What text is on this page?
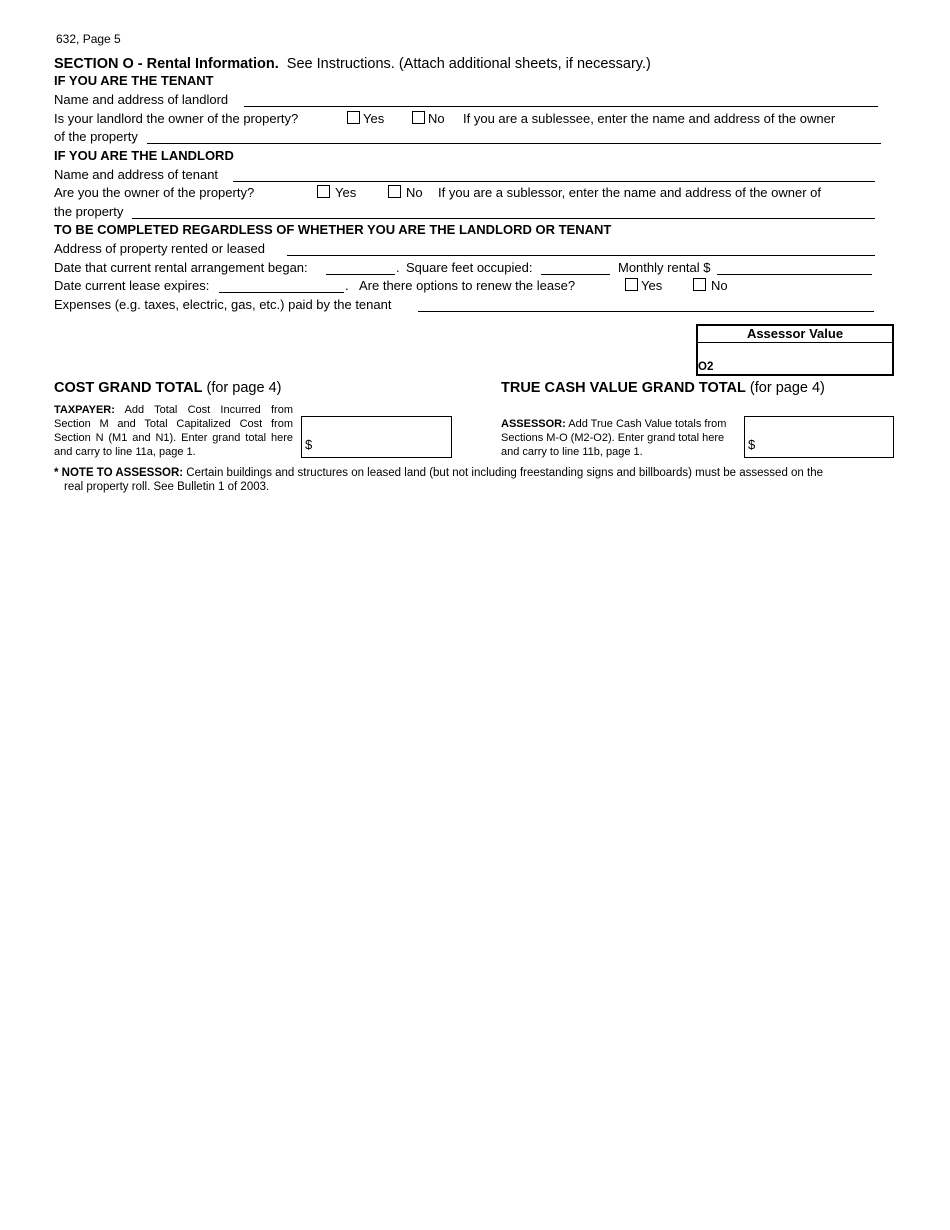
632, Page 5
SECTION O - Rental Information. See Instructions. (Attach additional sheets, if necessary.)
IF YOU ARE THE TENANT
Name and address of landlord
Is your landlord the owner of the property?	Yes	No If you are a sublessee, enter the name and address of the owner
of the property
IF YOU ARE THE LANDLORD
Name and address of tenant
Are you the owner of the property?	Yes	No If you are a sublessor, enter the name and address of the owner of
the property
TO BE COMPLETED REGARDLESS OF WHETHER YOU ARE THE LANDLORD OR TENANT
Address of property rented or leased
Date that current rental arrangement began:	. Square feet occupied:	Monthly rental $
Date current lease expires:	. Are there options to renew the lease?	Yes	No
Expenses (e.g. taxes, electric, gas, etc.) paid by the tenant
Assessor Value
O2
COST GRAND TOTAL (for page 4)
TAXPAYER: Add Total Cost Incurred from Section M and Total Capitalized Cost from Section N (M1 and N1). Enter grand total here and carry to line 11a, page 1.	$
TRUE CASH VALUE GRAND TOTAL (for page 4)
ASSESSOR: Add True Cash Value totals from Sections M-O (M2-O2). Enter grand total here and carry to line 11b, page 1.	$
* NOTE TO ASSESSOR: Certain buildings and structures on leased land (but not including freestanding signs and billboards) must be assessed on the
real property roll. See Bulletin 1 of 2003.
